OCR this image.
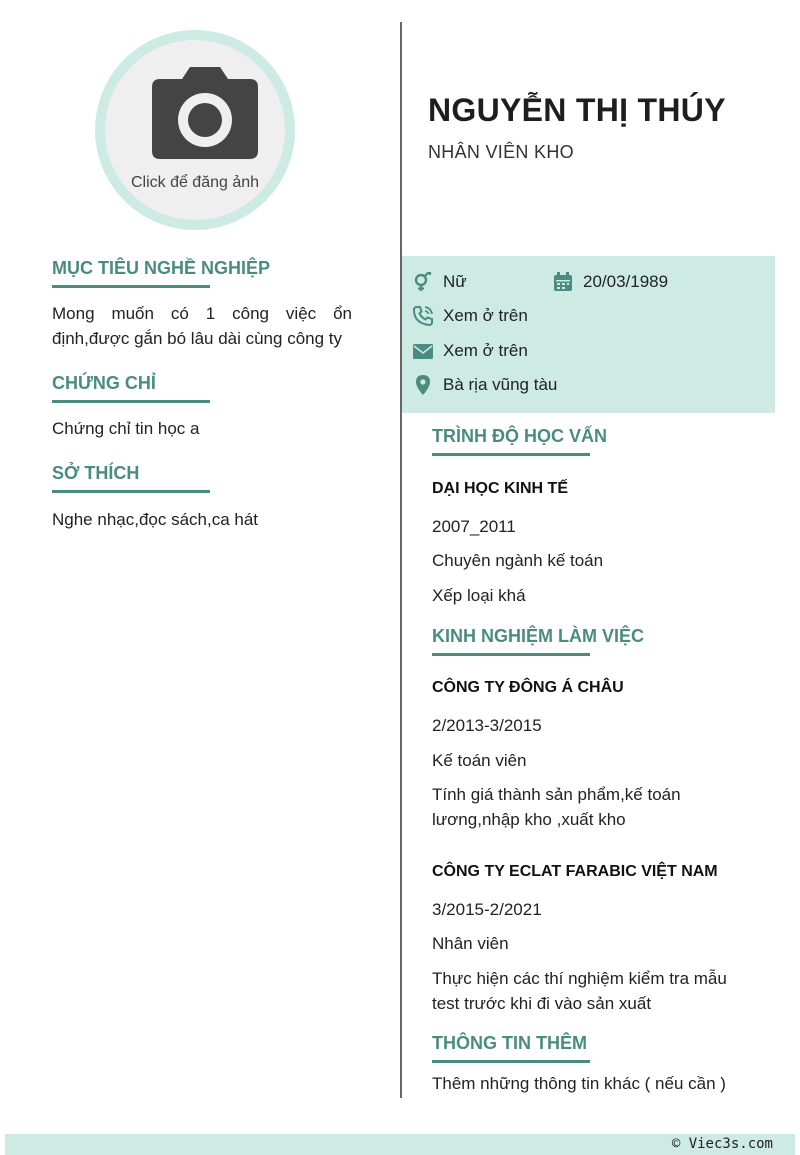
Click để đăng ảnh
MỤC TIÊU NGHỀ NGHIỆP
Mong muốn có 1 công việc ổn định,được gắn bó lâu dài cùng công ty
CHỨNG CHỈ
Chứng chỉ tin học a
SỞ THÍCH
Nghe nhạc,đọc sách,ca hát
NGUYỄN THỊ THÚY
NHÂN VIÊN KHO
Nữ	20/03/1989
Xem ở trên
Xem ở trên
Bà rịa vũng tàu
TRÌNH ĐỘ HỌC VẤN
DẠI HỌC KINH TẾ
2007_2011
Chuyên ngành kế toán
Xếp loại khá
KINH NGHIỆM LÀM VIỆC
CÔNG TY ĐÔNG Á CHÂU
2/2013-3/2015
Kế toán viên
Tính giá thành sản phẩm,kế toán lương,nhập kho ,xuất kho
CÔNG TY ECLAT FARABIC VIỆT NAM
3/2015-2/2021
Nhân viên
Thực hiện các thí nghiệm kiểm tra mẫu test trước khi đi vào sản xuất
THÔNG TIN THÊM
Thêm những thông tin khác ( nếu cần )
© Viec3s.com
